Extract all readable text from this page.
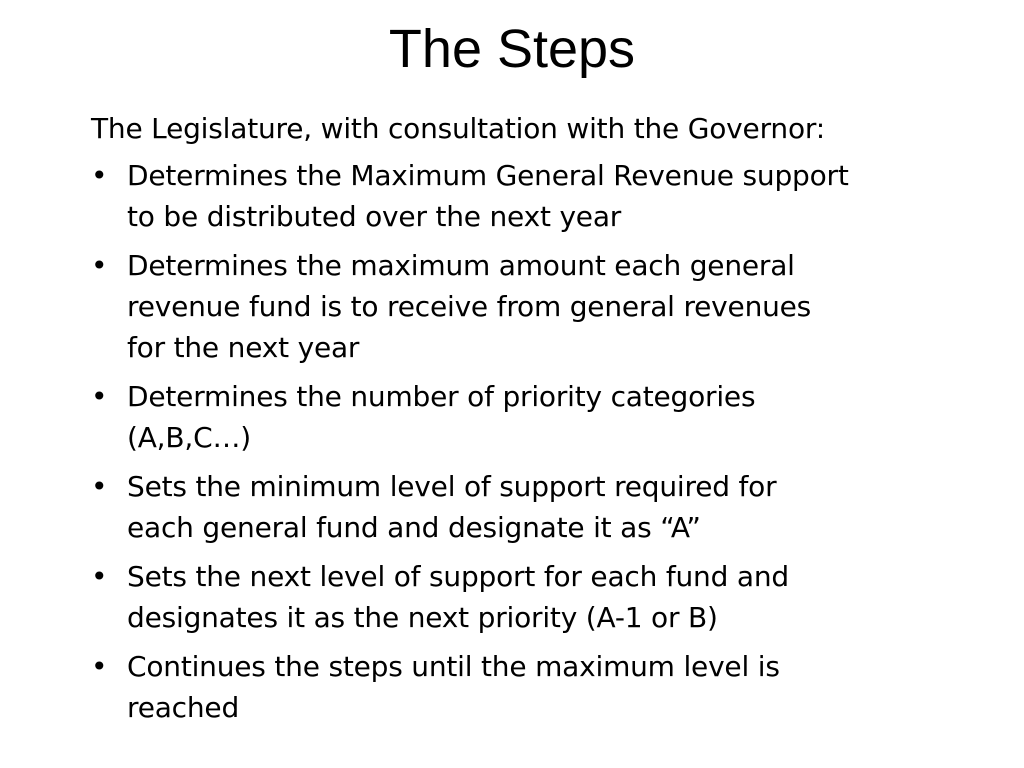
The Steps

The Legislature, with consultation with the Governor:

• Determines the Maximum General Revenue support
to be distributed over the next year
• Determines the maximum amount each general
revenue fund is to receive from general revenues
for the next year
• Determines the number of priority categories
(A,B,C…)
• Sets the minimum level of support required for
each general fund and designate it as “A”
• Sets the next level of support for each fund and
designates it as the next priority (A-1 or B)
• Continues the steps until the maximum level is
reached
